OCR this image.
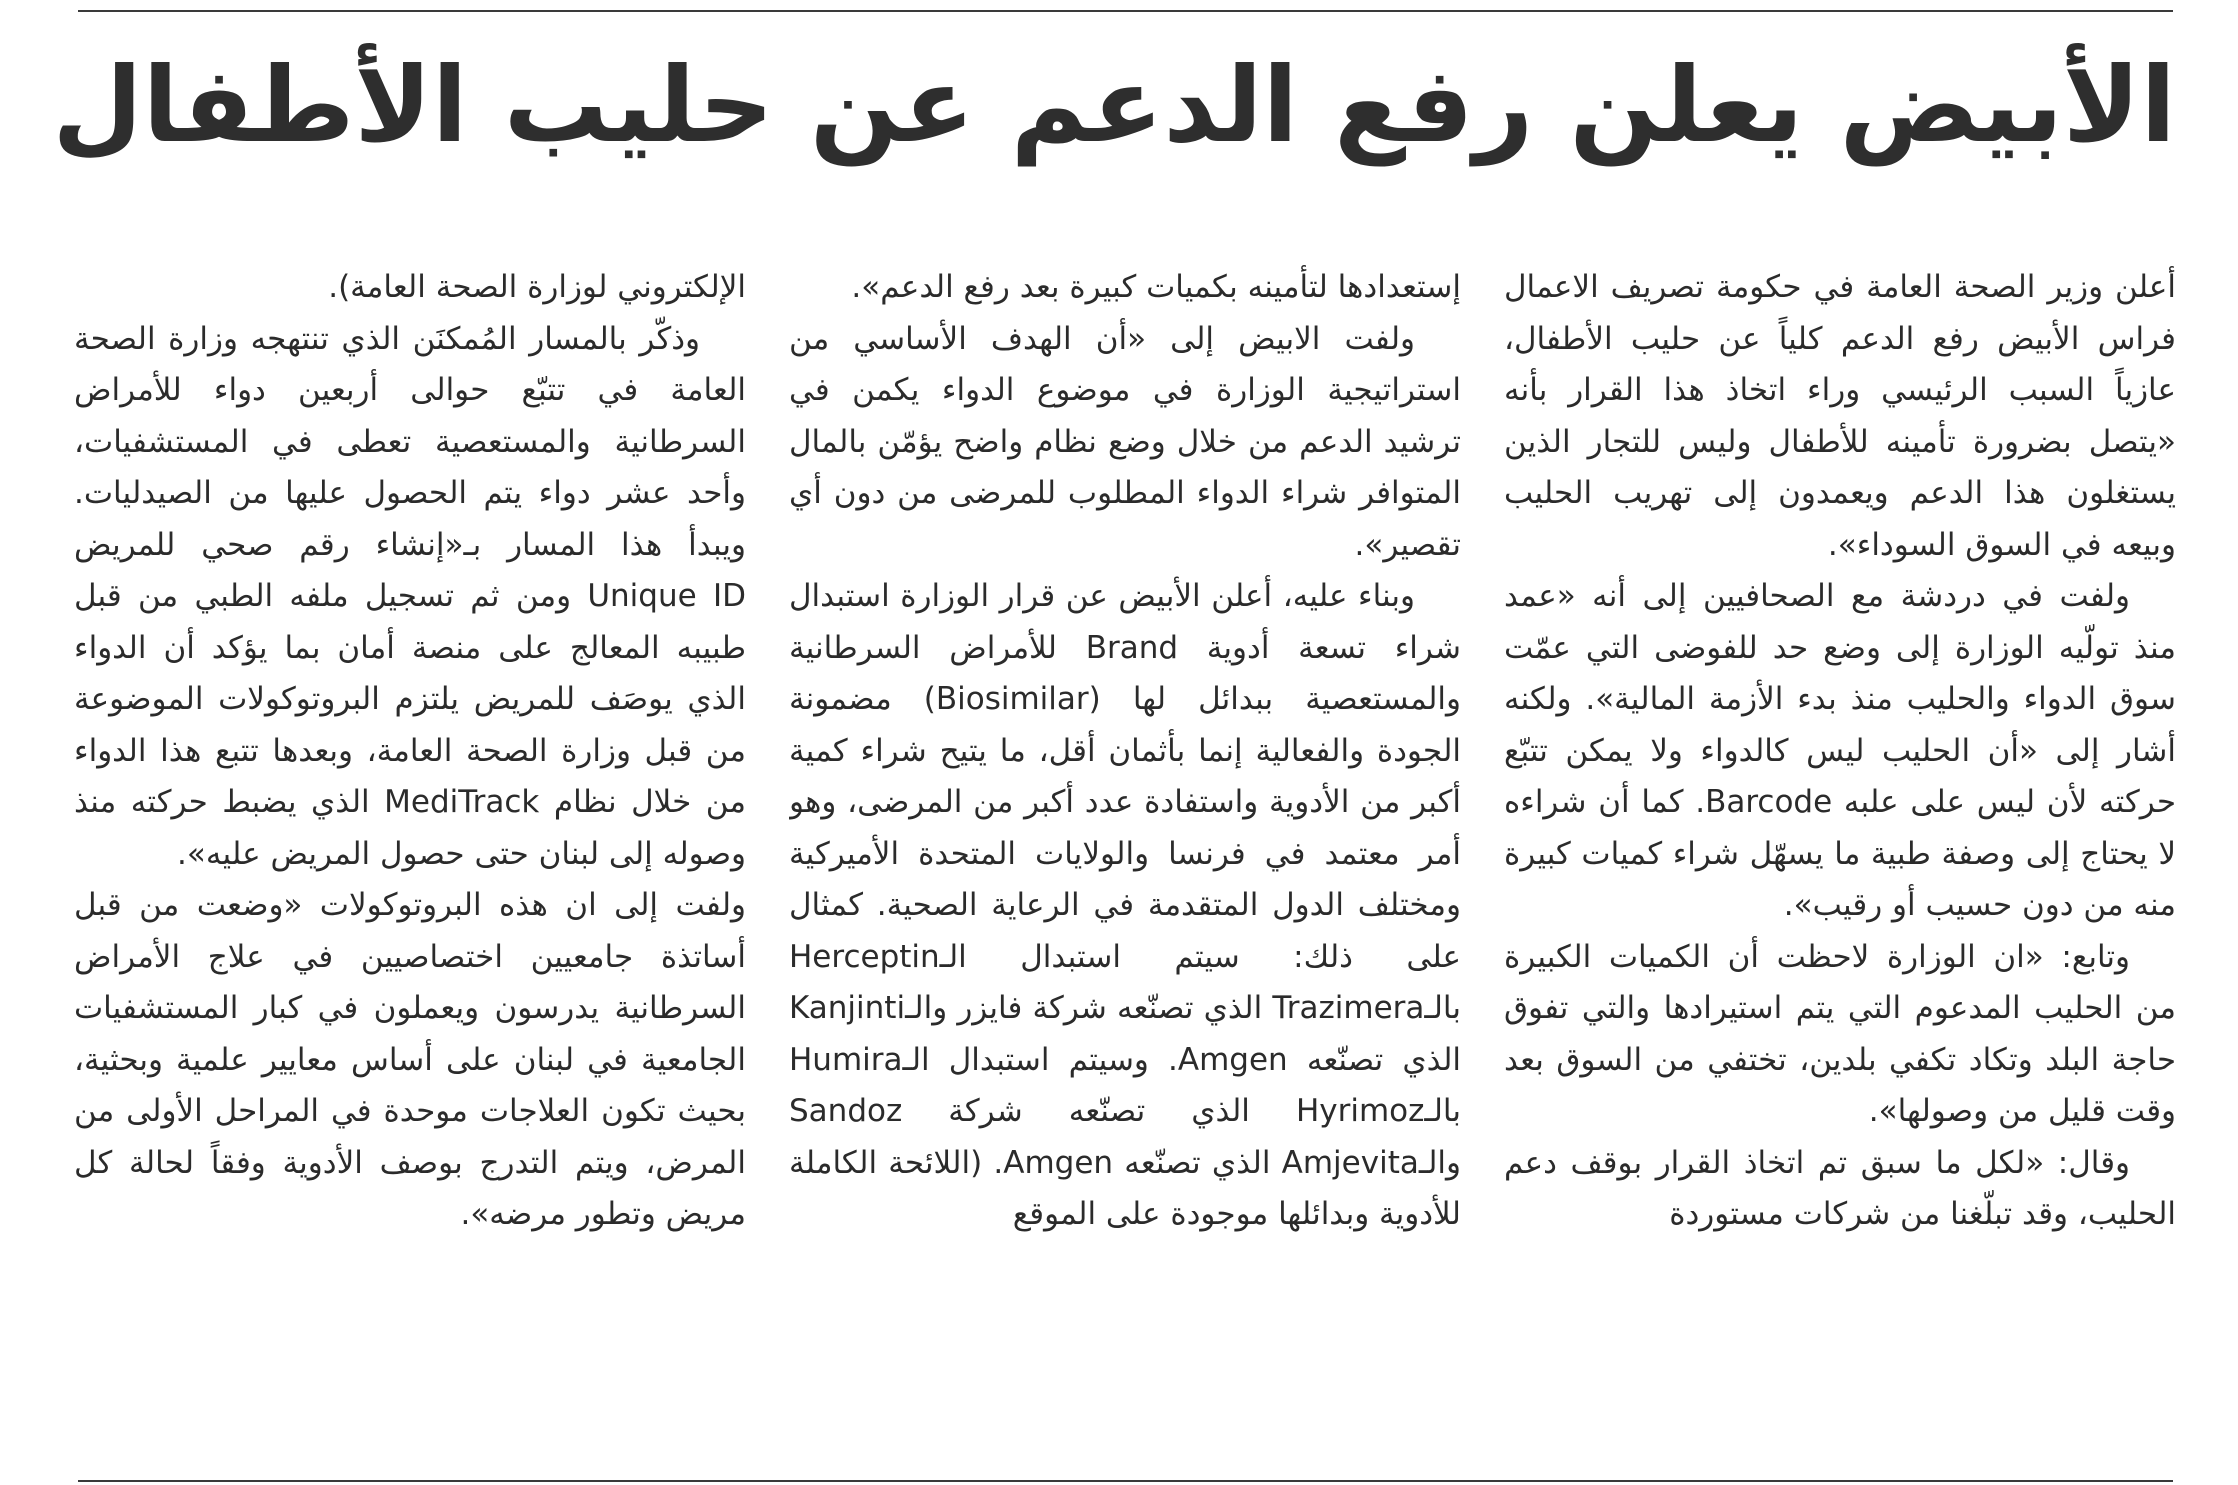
الأبيض يعلن رفع الدعم عن حليب الأطفال

أعلن وزير الصحة العامة في حكومة تصريف الاعمال فراس الأبيض رفع الدعم كلياً عن حليب الأطفال، عازياً السبب الرئيسي وراء اتخاذ هذا القرار بأنه «يتصل بضرورة تأمينه للأطفال وليس للتجار الذين يستغلون هذا الدعم ويعمدون إلى تهريب الحليب وبيعه في السوق السوداء».

ولفت في دردشة مع الصحافيين إلى أنه «عمد منذ تولّيه الوزارة إلى وضع حد للفوضى التي عمّت سوق الدواء والحليب منذ بدء الأزمة المالية». ولكنه أشار إلى «أن الحليب ليس كالدواء ولا يمكن تتبّع حركته لأن ليس على علبه Barcode. كما أن شراءه لا يحتاج إلى وصفة طبية ما يسهّل شراء كميات كبيرة منه من دون حسيب أو رقيب».

وتابع: «ان الوزارة لاحظت أن الكميات الكبيرة من الحليب المدعوم التي يتم استيرادها والتي تفوق حاجة البلد وتكاد تكفي بلدين، تختفي من السوق بعد وقت قليل من وصولها».

وقال: «لكل ما سبق تم اتخاذ القرار بوقف دعم الحليب، وقد تبلّغنا من شركات مستوردة

إستعدادها لتأمينه بكميات كبيرة بعد رفع الدعم».

ولفت الابيض إلى «أن الهدف الأساسي من استراتيجية الوزارة في موضوع الدواء يكمن في ترشيد الدعم من خلال وضع نظام واضح يؤمّن بالمال المتوافر شراء الدواء المطلوب للمرضى من دون أي تقصير».

وبناء عليه، أعلن الأبيض عن قرار الوزارة استبدال شراء تسعة أدوية Brand للأمراض السرطانية والمستعصية ببدائل لها (Biosimilar) مضمونة الجودة والفعالية إنما بأثمان أقل، ما يتيح شراء كمية أكبر من الأدوية واستفادة عدد أكبر من المرضى، وهو أمر معتمد في فرنسا والولايات المتحدة الأميركية ومختلف الدول المتقدمة في الرعاية الصحية. كمثال على ذلك: سيتم استبدال الـHerceptin بالـTrazimera الذي تصنّعه شركة فايزر والـKanjinti الذي تصنّعه Amgen. وسيتم استبدال الـHumira بالـHyrimoz الذي تصنّعه شركة Sandoz والـAmjevita الذي تصنّعه Amgen. (اللائحة الكاملة للأدوية وبدائلها موجودة على الموقع

الإلكتروني لوزارة الصحة العامة).

وذكّر بالمسار المُمكنَن الذي تنتهجه وزارة الصحة العامة في تتبّع حوالى أربعين دواء للأمراض السرطانية والمستعصية تعطى في المستشفيات، وأحد عشر دواء يتم الحصول عليها من الصيدليات. ويبدأ هذا المسار بـ«إنشاء رقم صحي للمريض Unique ID ومن ثم تسجيل ملفه الطبي من قبل طبيبه المعالج على منصة أمان بما يؤكد أن الدواء الذي يوصَف للمريض يلتزم البروتوكولات الموضوعة من قبل وزارة الصحة العامة، وبعدها تتبع هذا الدواء من خلال نظام MediTrack الذي يضبط حركته منذ وصوله إلى لبنان حتى حصول المريض عليه».

ولفت إلى ان هذه البروتوكولات «وضعت من قبل أساتذة جامعيين اختصاصيين في علاج الأمراض السرطانية يدرسون ويعملون في كبار المستشفيات الجامعية في لبنان على أساس معايير علمية وبحثية، بحيث تكون العلاجات موحدة في المراحل الأولى من المرض، ويتم التدرج بوصف الأدوية وفقاً لحالة كل مريض وتطور مرضه».
